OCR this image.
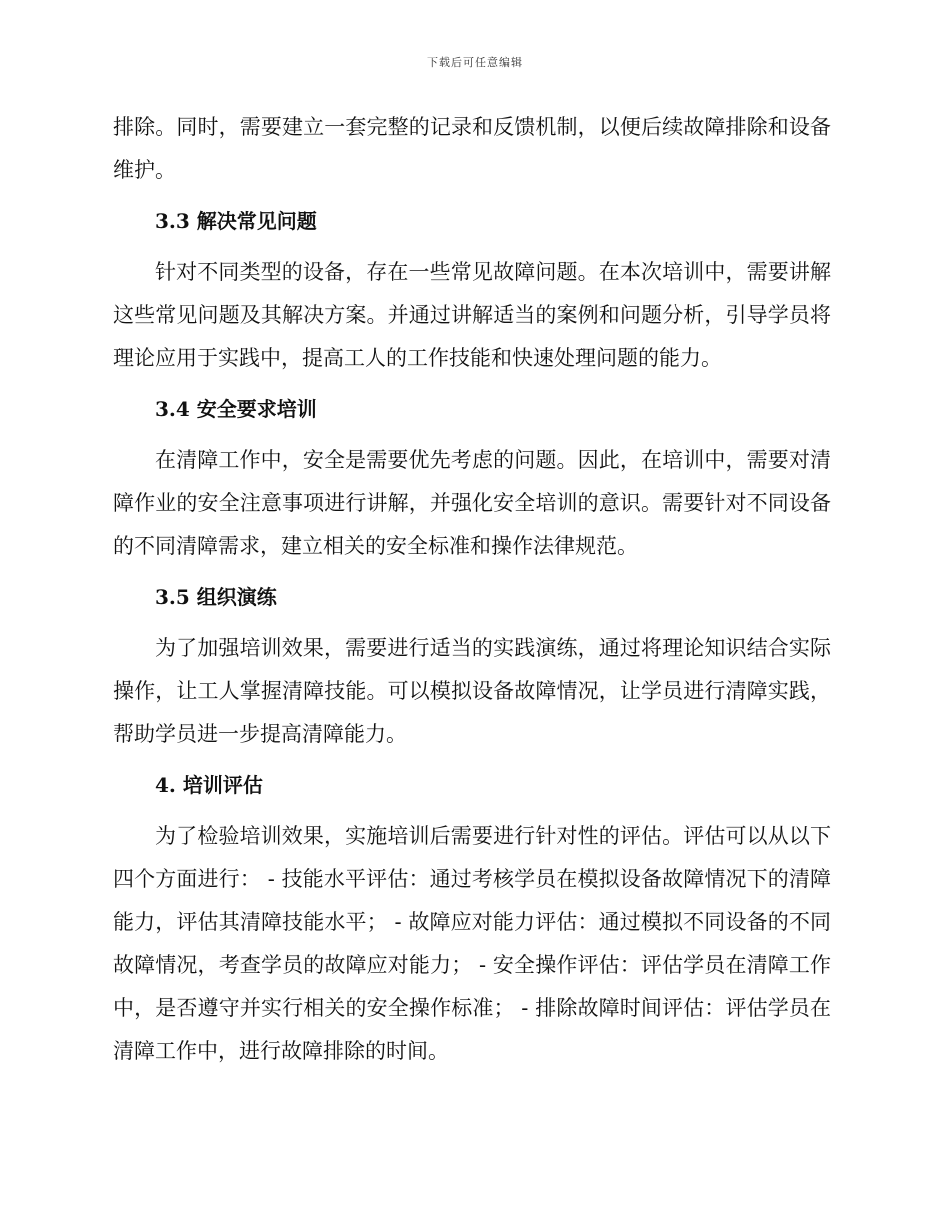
下载后可任意编辑

排除。同时，需要建立一套完整的记录和反馈机制，以便后续故障排除和设备维护。

3.3 解决常见问题

针对不同类型的设备，存在一些常见故障问题。在本次培训中，需要讲解这些常见问题及其解决方案。并通过讲解适当的案例和问题分析，引导学员将理论应用于实践中，提高工人的工作技能和快速处理问题的能力。

3.4 安全要求培训

在清障工作中，安全是需要优先考虑的问题。因此，在培训中，需要对清障作业的安全注意事项进行讲解，并强化安全培训的意识。需要针对不同设备的不同清障需求，建立相关的安全标准和操作法律规范。

3.5 组织演练

为了加强培训效果，需要进行适当的实践演练，通过将理论知识结合实际操作，让工人掌握清障技能。可以模拟设备故障情况，让学员进行清障实践，帮助学员进一步提高清障能力。

4. 培训评估

为了检验培训效果，实施培训后需要进行针对性的评估。评估可以从以下四个方面进行： - 技能水平评估：通过考核学员在模拟设备故障情况下的清障能力，评估其清障技能水平； - 故障应对能力评估：通过模拟不同设备的不同故障情况，考查学员的故障应对能力； - 安全操作评估：评估学员在清障工作中，是否遵守并实行相关的安全操作标准； - 排除故障时间评估：评估学员在清障工作中，进行故障排除的时间。
